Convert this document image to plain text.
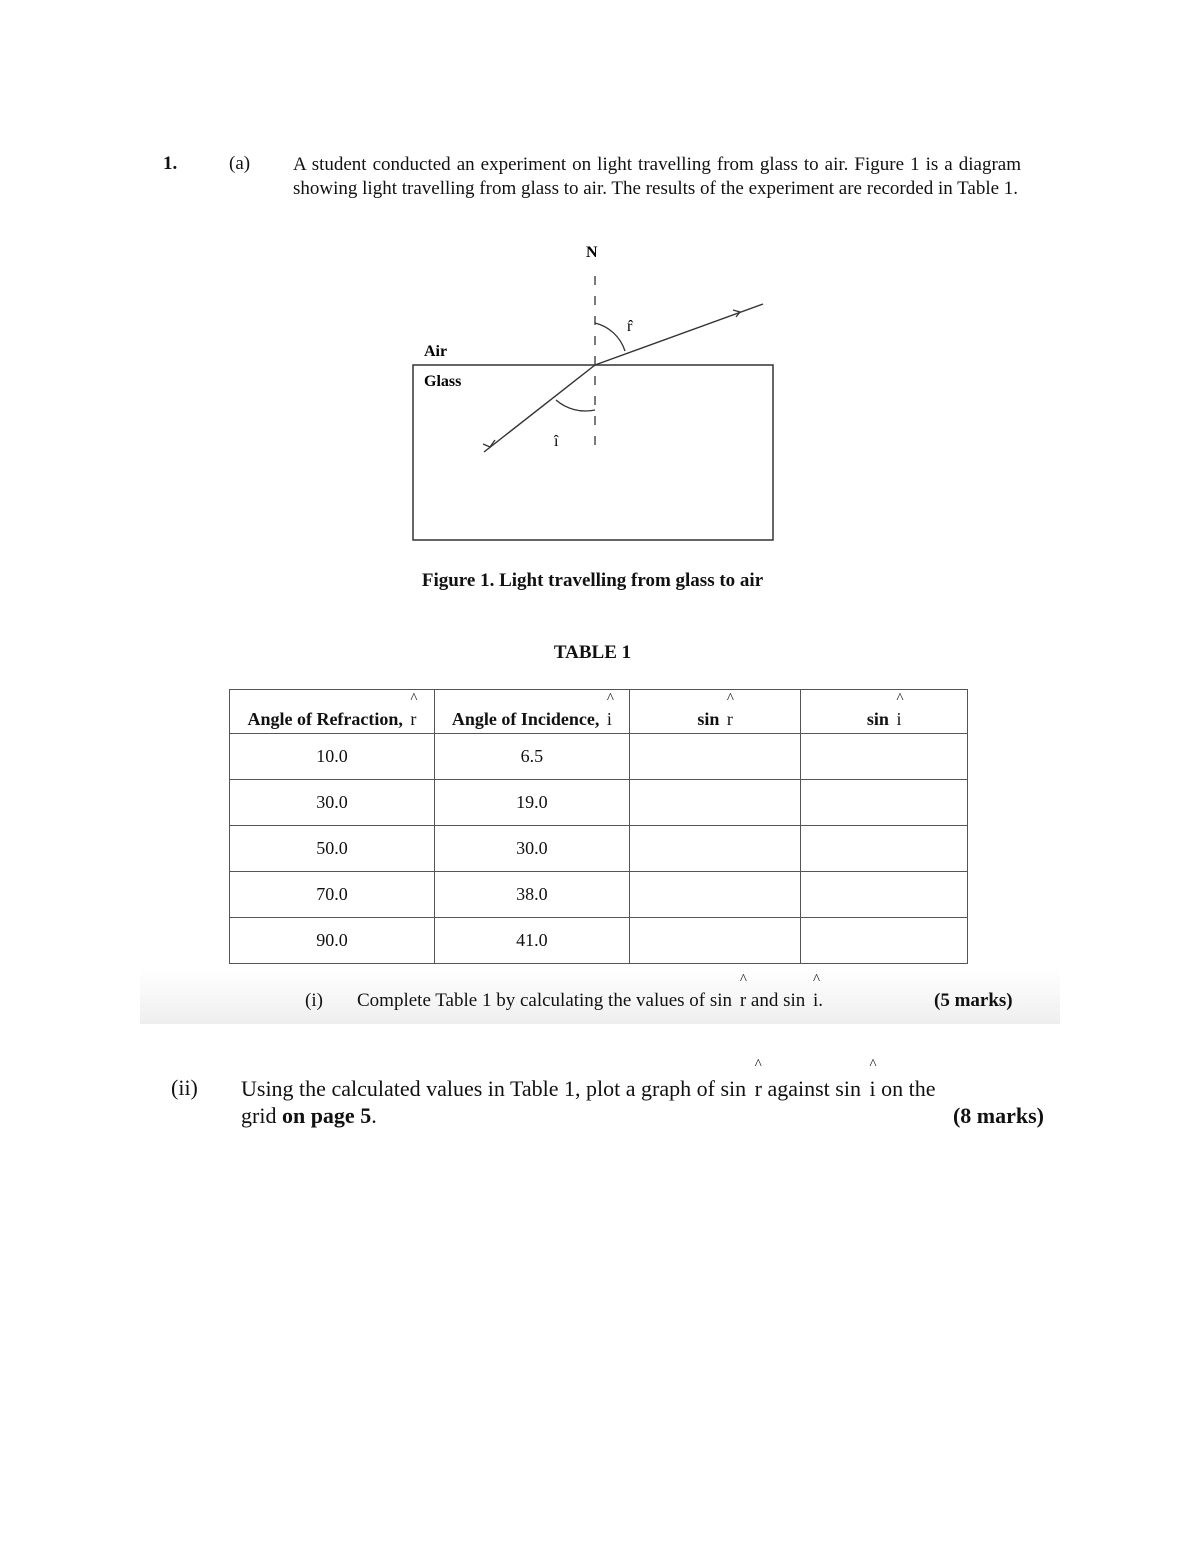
1.	(a) A student conducted an experiment on light travelling from glass to air. Figure 1 is a diagram showing light travelling from glass to air. The results of the experiment are recorded in Table 1.
N
Air
Glass
r̂
î
Figure 1. Light travelling from glass to air
TABLE 1
Angle of Refraction, ^ r	Angle of Incidence, ^ i	sin ^ r	sin ^ i
10.0	6.5		
30.0	19.0		
50.0	30.0		
70.0	38.0		
90.0	41.0		
(i) Complete Table 1 by calculating the values of sin ^ r and sin ^ i.	(5 marks)
(ii) Using the calculated values in Table 1, plot a graph of sin ^ r against sin ^ i on the
grid on page 5.	(8 marks)
